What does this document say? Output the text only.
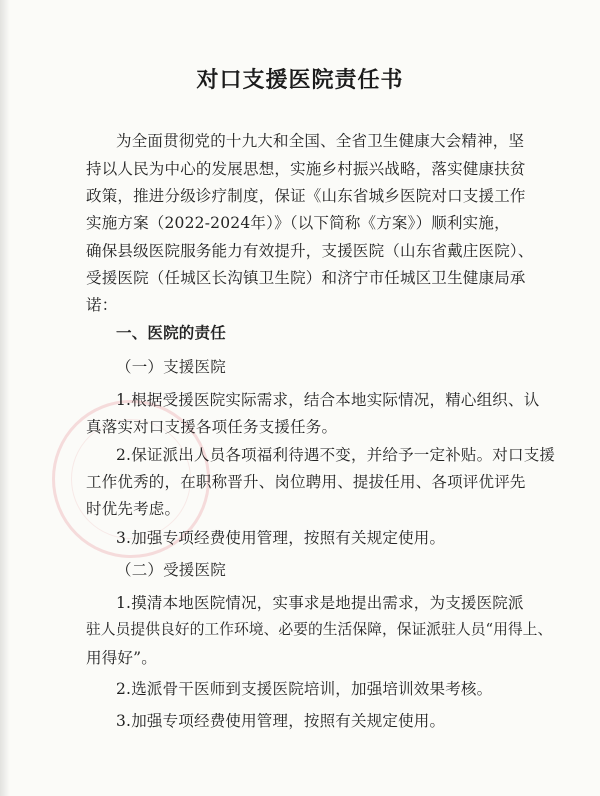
对口支援医院责任书
为全面贯彻党的十九大和全国、全省卫生健康大会精神，坚
持以人民为中心的发展思想，实施乡村振兴战略，落实健康扶贫
政策，推进分级诊疗制度，保证《山东省城乡医院对口支援工作
实施方案（2022-2024年）》（以下简称《方案》）顺利实施，
确保县级医院服务能力有效提升，支援医院（山东省戴庄医院）、
受援医院（任城区长沟镇卫生院）和济宁市任城区卫生健康局承
诺：
一、医院的责任
（一）支援医院
1.根据受援医院实际需求，结合本地实际情况，精心组织、认
真落实对口支援各项任务支援任务。
2.保证派出人员各项福利待遇不变，并给予一定补贴。对口支援
工作优秀的，在职称晋升、岗位聘用、提拔任用、各项评优评先
时优先考虑。
3.加强专项经费使用管理，按照有关规定使用。
（二）受援医院
1.摸清本地医院情况，实事求是地提出需求，为支援医院派
驻人员提供良好的工作环境、必要的生活保障，保证派驻人员“用得上、
用得好”。
2.选派骨干医师到支援医院培训，加强培训效果考核。
3.加强专项经费使用管理，按照有关规定使用。
